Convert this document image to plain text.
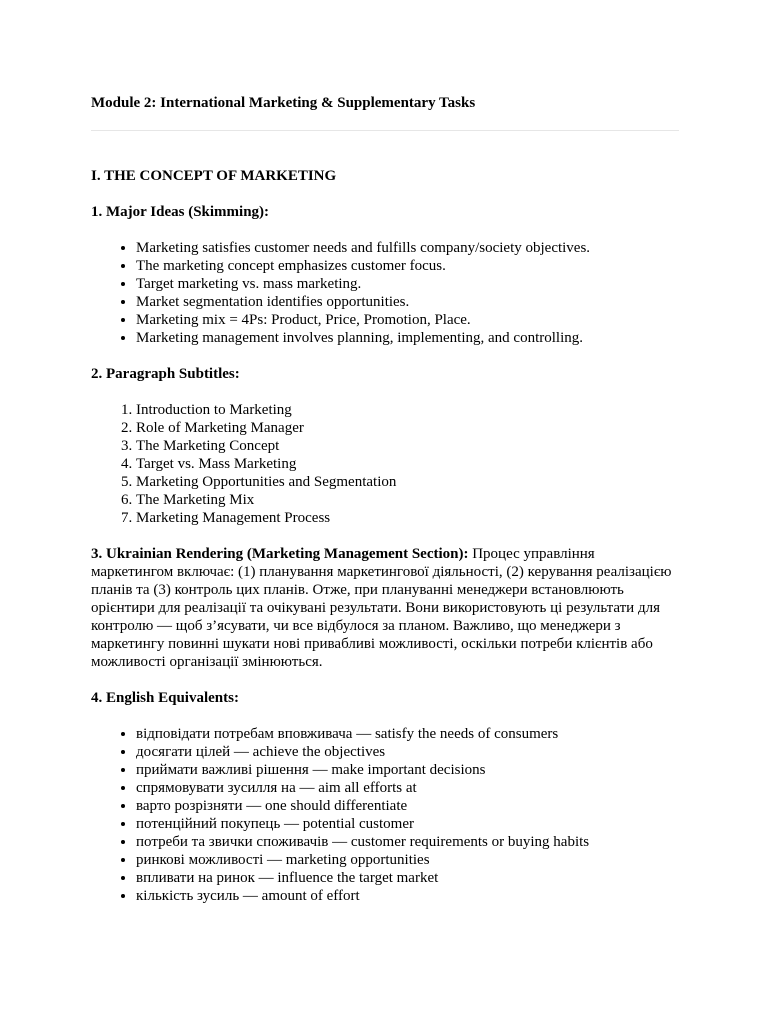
Module 2: International Marketing & Supplementary Tasks

I. THE CONCEPT OF MARKETING

1. Major Ideas (Skimming):

• Marketing satisfies customer needs and fulfills company/society objectives.
• The marketing concept emphasizes customer focus.
• Target marketing vs. mass marketing.
• Market segmentation identifies opportunities.
• Marketing mix = 4Ps: Product, Price, Promotion, Place.
• Marketing management involves planning, implementing, and controlling.

2. Paragraph Subtitles:

1. Introduction to Marketing
2. Role of Marketing Manager
3. The Marketing Concept
4. Target vs. Mass Marketing
5. Marketing Opportunities and Segmentation
6. The Marketing Mix
7. Marketing Management Process

3. Ukrainian Rendering (Marketing Management Section): Процес управління маркетингом включає: (1) планування маркетингової діяльності, (2) керування реалізацією планів та (3) контроль цих планів. Отже, при плануванні менеджери встановлюють орієнтири для реалізації та очікувані результати. Вони використовують ці результати для контролю — щоб з’ясувати, чи все відбулося за планом. Важливо, що менеджери з маркетингу повинні шукати нові привабливі можливості, оскільки потреби клієнтів або можливості організації змінюються.

4. English Equivalents:

• відповідати потребам вповживача — satisfy the needs of consumers
• досягати цілей — achieve the objectives
• приймати важливі рішення — make important decisions
• спрямовувати зусилля на — aim all efforts at
• варто розрізняти — one should differentiate
• потенційний покупець — potential customer
• потреби та звички споживачів — customer requirements or buying habits
• ринкові можливості — marketing opportunities
• впливати на ринок — influence the target market
• кількість зусиль — amount of effort
